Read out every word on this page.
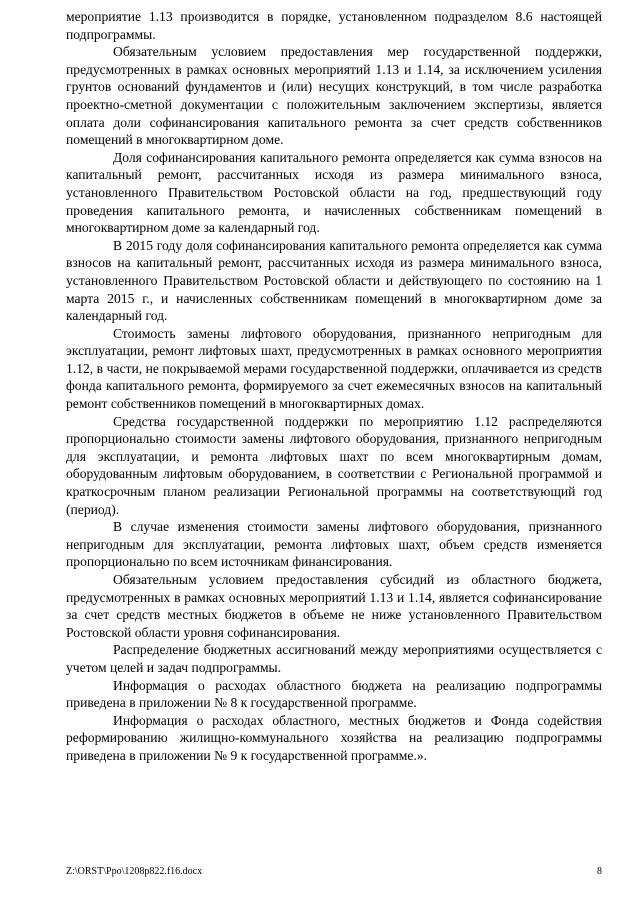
мероприятие 1.13 производится в порядке, установленном подразделом 8.6 настоящей подпрограммы.

Обязательным условием предоставления мер государственной поддержки, предусмотренных в рамках основных мероприятий 1.13 и 1.14, за исключением усиления грунтов оснований фундаментов и (или) несущих конструкций, в том числе разработка проектно-сметной документации с положительным заключением экспертизы, является оплата доли софинансирования капитального ремонта за счет средств собственников помещений в многоквартирном доме.

Доля софинансирования капитального ремонта определяется как сумма взносов на капитальный ремонт, рассчитанных исходя из размера минимального взноса, установленного Правительством Ростовской области на год, предшествующий году проведения капитального ремонта, и начисленных собственникам помещений в многоквартирном доме за календарный год.

В 2015 году доля софинансирования капитального ремонта определяется как сумма взносов на капитальный ремонт, рассчитанных исходя из размера минимального взноса, установленного Правительством Ростовской области и действующего по состоянию на 1 марта 2015 г., и начисленных собственникам помещений в многоквартирном доме за календарный год.

Стоимость замены лифтового оборудования, признанного непригодным для эксплуатации, ремонт лифтовых шахт, предусмотренных в рамках основного мероприятия 1.12, в части, не покрываемой мерами государственной поддержки, оплачивается из средств фонда капитального ремонта, формируемого за счет ежемесячных взносов на капитальный ремонт собственников помещений в многоквартирных домах.

Средства государственной поддержки по мероприятию 1.12 распределяются пропорционально стоимости замены лифтового оборудования, признанного непригодным для эксплуатации, и ремонта лифтовых шахт по всем многоквартирным домам, оборудованным лифтовым оборудованием, в соответствии с Региональной программой и краткосрочным планом реализации Региональной программы на соответствующий год (период).

В случае изменения стоимости замены лифтового оборудования, признанного непригодным для эксплуатации, ремонта лифтовых шахт, объем средств изменяется пропорционально по всем источникам финансирования.

Обязательным условием предоставления субсидий из областного бюджета, предусмотренных в рамках основных мероприятий 1.13 и 1.14, является софинансирование за счет средств местных бюджетов в объеме не ниже установленного Правительством Ростовской области уровня софинансирования.

Распределение бюджетных ассигнований между мероприятиями осуществляется с учетом целей и задач подпрограммы.

Информация о расходах областного бюджета на реализацию подпрограммы приведена в приложении № 8 к государственной программе.

Информация о расходах областного, местных бюджетов и Фонда содействия реформированию жилищно-коммунального хозяйства на реализацию подпрограммы приведена в приложении № 9 к государственной программе.».

Z:\ORST\Ppo\1208p822.f16.docx	8
